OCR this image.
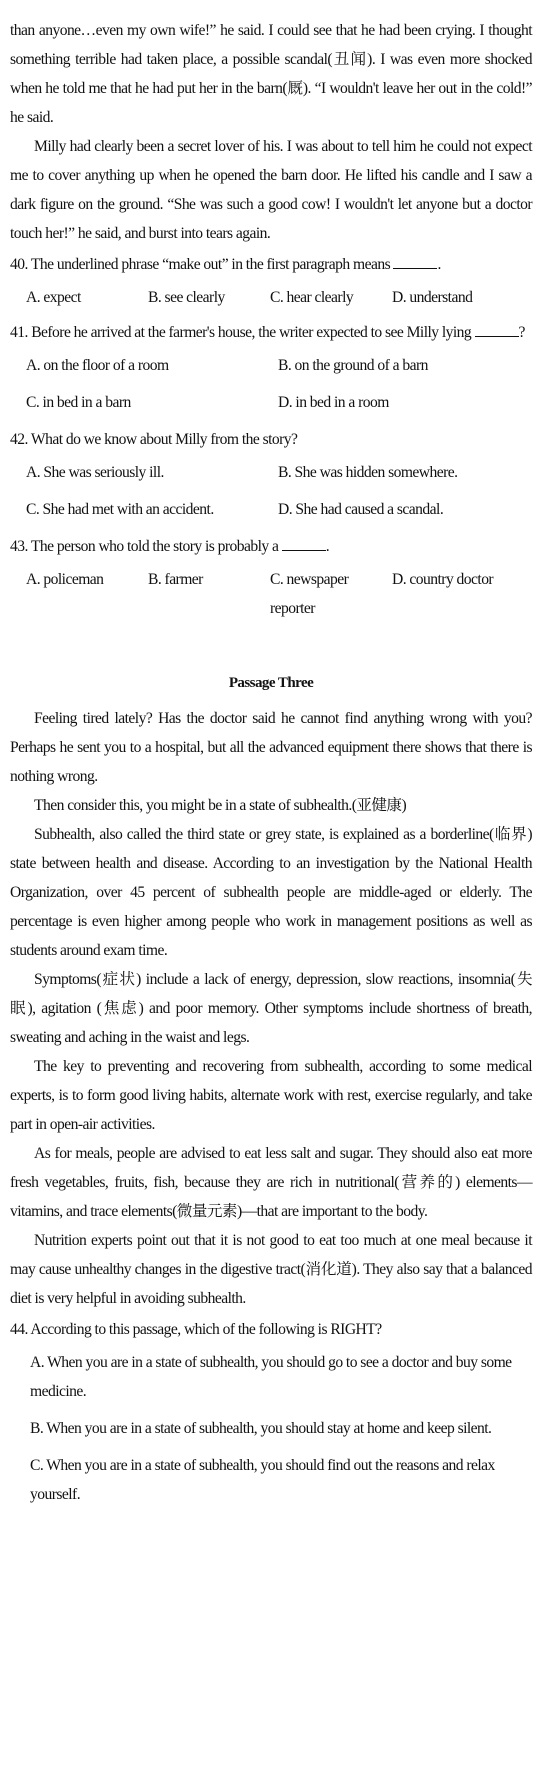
than anyone…even my own wife!” he said. I could see that he had been crying. I thought something terrible had taken place, a possible scandal(丑闻). I was even more shocked when he told me that he had put her in the barn(厩). “I wouldn't leave her out in the cold!” he said.

Milly had clearly been a secret lover of his. I was about to tell him he could not expect me to cover anything up when he opened the barn door. He lifted his candle and I saw a dark figure on the ground. “She was such a good cow! I wouldn't let anyone but a doctor touch her!” he said, and burst into tears again.

40. The underlined phrase “make out” in the first paragraph means	.

A. expect	B. see clearly	C. hear clearly	D. understand

41. Before he arrived at the farmer's house, the writer expected to see Milly lying	?

A. on the floor of a room	B. on the ground of a barn
C. in bed in a barn	D. in bed in a room

42. What do we know about Milly from the story?

A. She was seriously ill.	B. She was hidden somewhere.
C. She had met with an accident.	D. She had caused a scandal.

43. The person who told the story is probably a	.

A. policeman	B. farmer	C. newspaper reporter
D. country doctor

Passage Three

Feeling tired lately? Has the doctor said he cannot find anything wrong with you? Perhaps he sent you to a hospital, but all the advanced equipment there shows that there is nothing wrong.

Then consider this, you might be in a state of subhealth.(亚健康)

Subhealth, also called the third state or grey state, is explained as a borderline(临界) state between health and disease. According to an investigation by the National Health Organization, over 45 percent of subhealth people are middle-aged or elderly. The percentage is even higher among people who work in management positions as well as students around exam time.

Symptoms(症状) include a lack of energy, depression, slow reactions, insomnia(失眠), agitation (焦虑) and poor memory. Other symptoms include shortness of breath, sweating and aching in the waist and legs.

The key to preventing and recovering from subhealth, according to some medical experts, is to form good living habits, alternate work with rest, exercise regularly, and take part in open-air activities.

As for meals, people are advised to eat less salt and sugar. They should also eat more fresh vegetables, fruits, fish, because they are rich in nutritional(营养的) elements—vitamins, and trace elements(微量元素)—that are important to the body.

Nutrition experts point out that it is not good to eat too much at one meal because it may cause unhealthy changes in the digestive tract(消化道). They also say that a balanced diet is very helpful in avoiding subhealth.

44. According to this passage, which of the following is RIGHT?

A. When you are in a state of subhealth, you should go to see a doctor and buy some medicine.

B. When you are in a state of subhealth, you should stay at home and keep silent.

C. When you are in a state of subhealth, you should find out the reasons and relax yourself.
